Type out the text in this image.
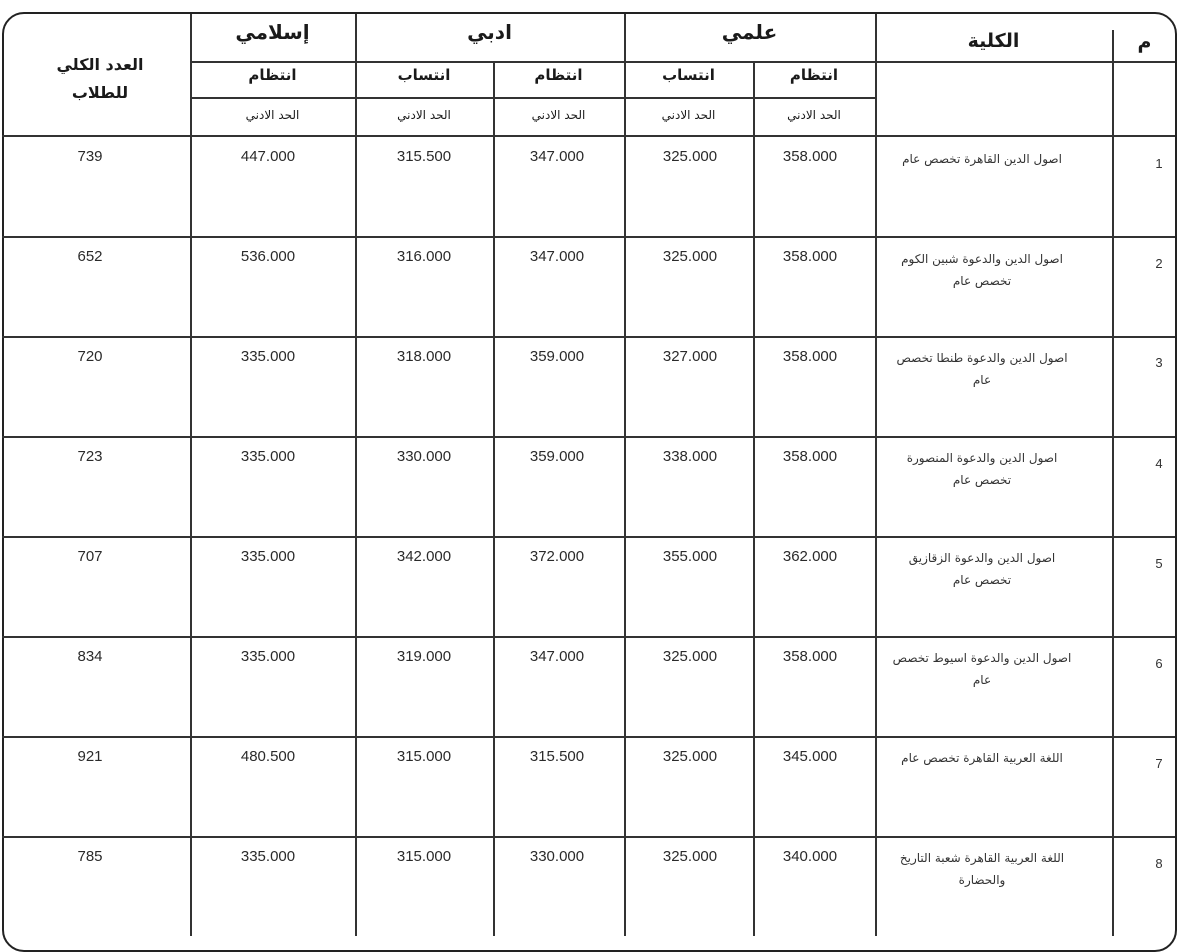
م
الكلية
علمي
ادبي
إسلامي
العدد الكلي للطلاب
انتظام
انتساب
انتظام
انتساب
انتظام
الحد الادني
الحد الادني
الحد الادني
الحد الادني
الحد الادني
1
اصول الدين القاهرة تخصص عام
358.000
325.000
347.000
315.500
447.000
739
2
اصول الدين والدعوة شبين الكوم تخصص عام
358.000
325.000
347.000
316.000
536.000
652
3
اصول الدين والدعوة طنطا تخصص عام
358.000
327.000
359.000
318.000
335.000
720
4
اصول الدين والدعوة المنصورة تخصص عام
358.000
338.000
359.000
330.000
335.000
723
5
اصول الدين والدعوة الزقازيق تخصص عام
362.000
355.000
372.000
342.000
335.000
707
6
اصول الدين والدعوة اسيوط تخصص عام
358.000
325.000
347.000
319.000
335.000
834
7
اللغة العربية القاهرة تخصص عام
345.000
325.000
315.500
315.000
480.500
921
8
اللغة العربية القاهرة شعبة التاريخ والحضارة
340.000
325.000
330.000
315.000
335.000
785
